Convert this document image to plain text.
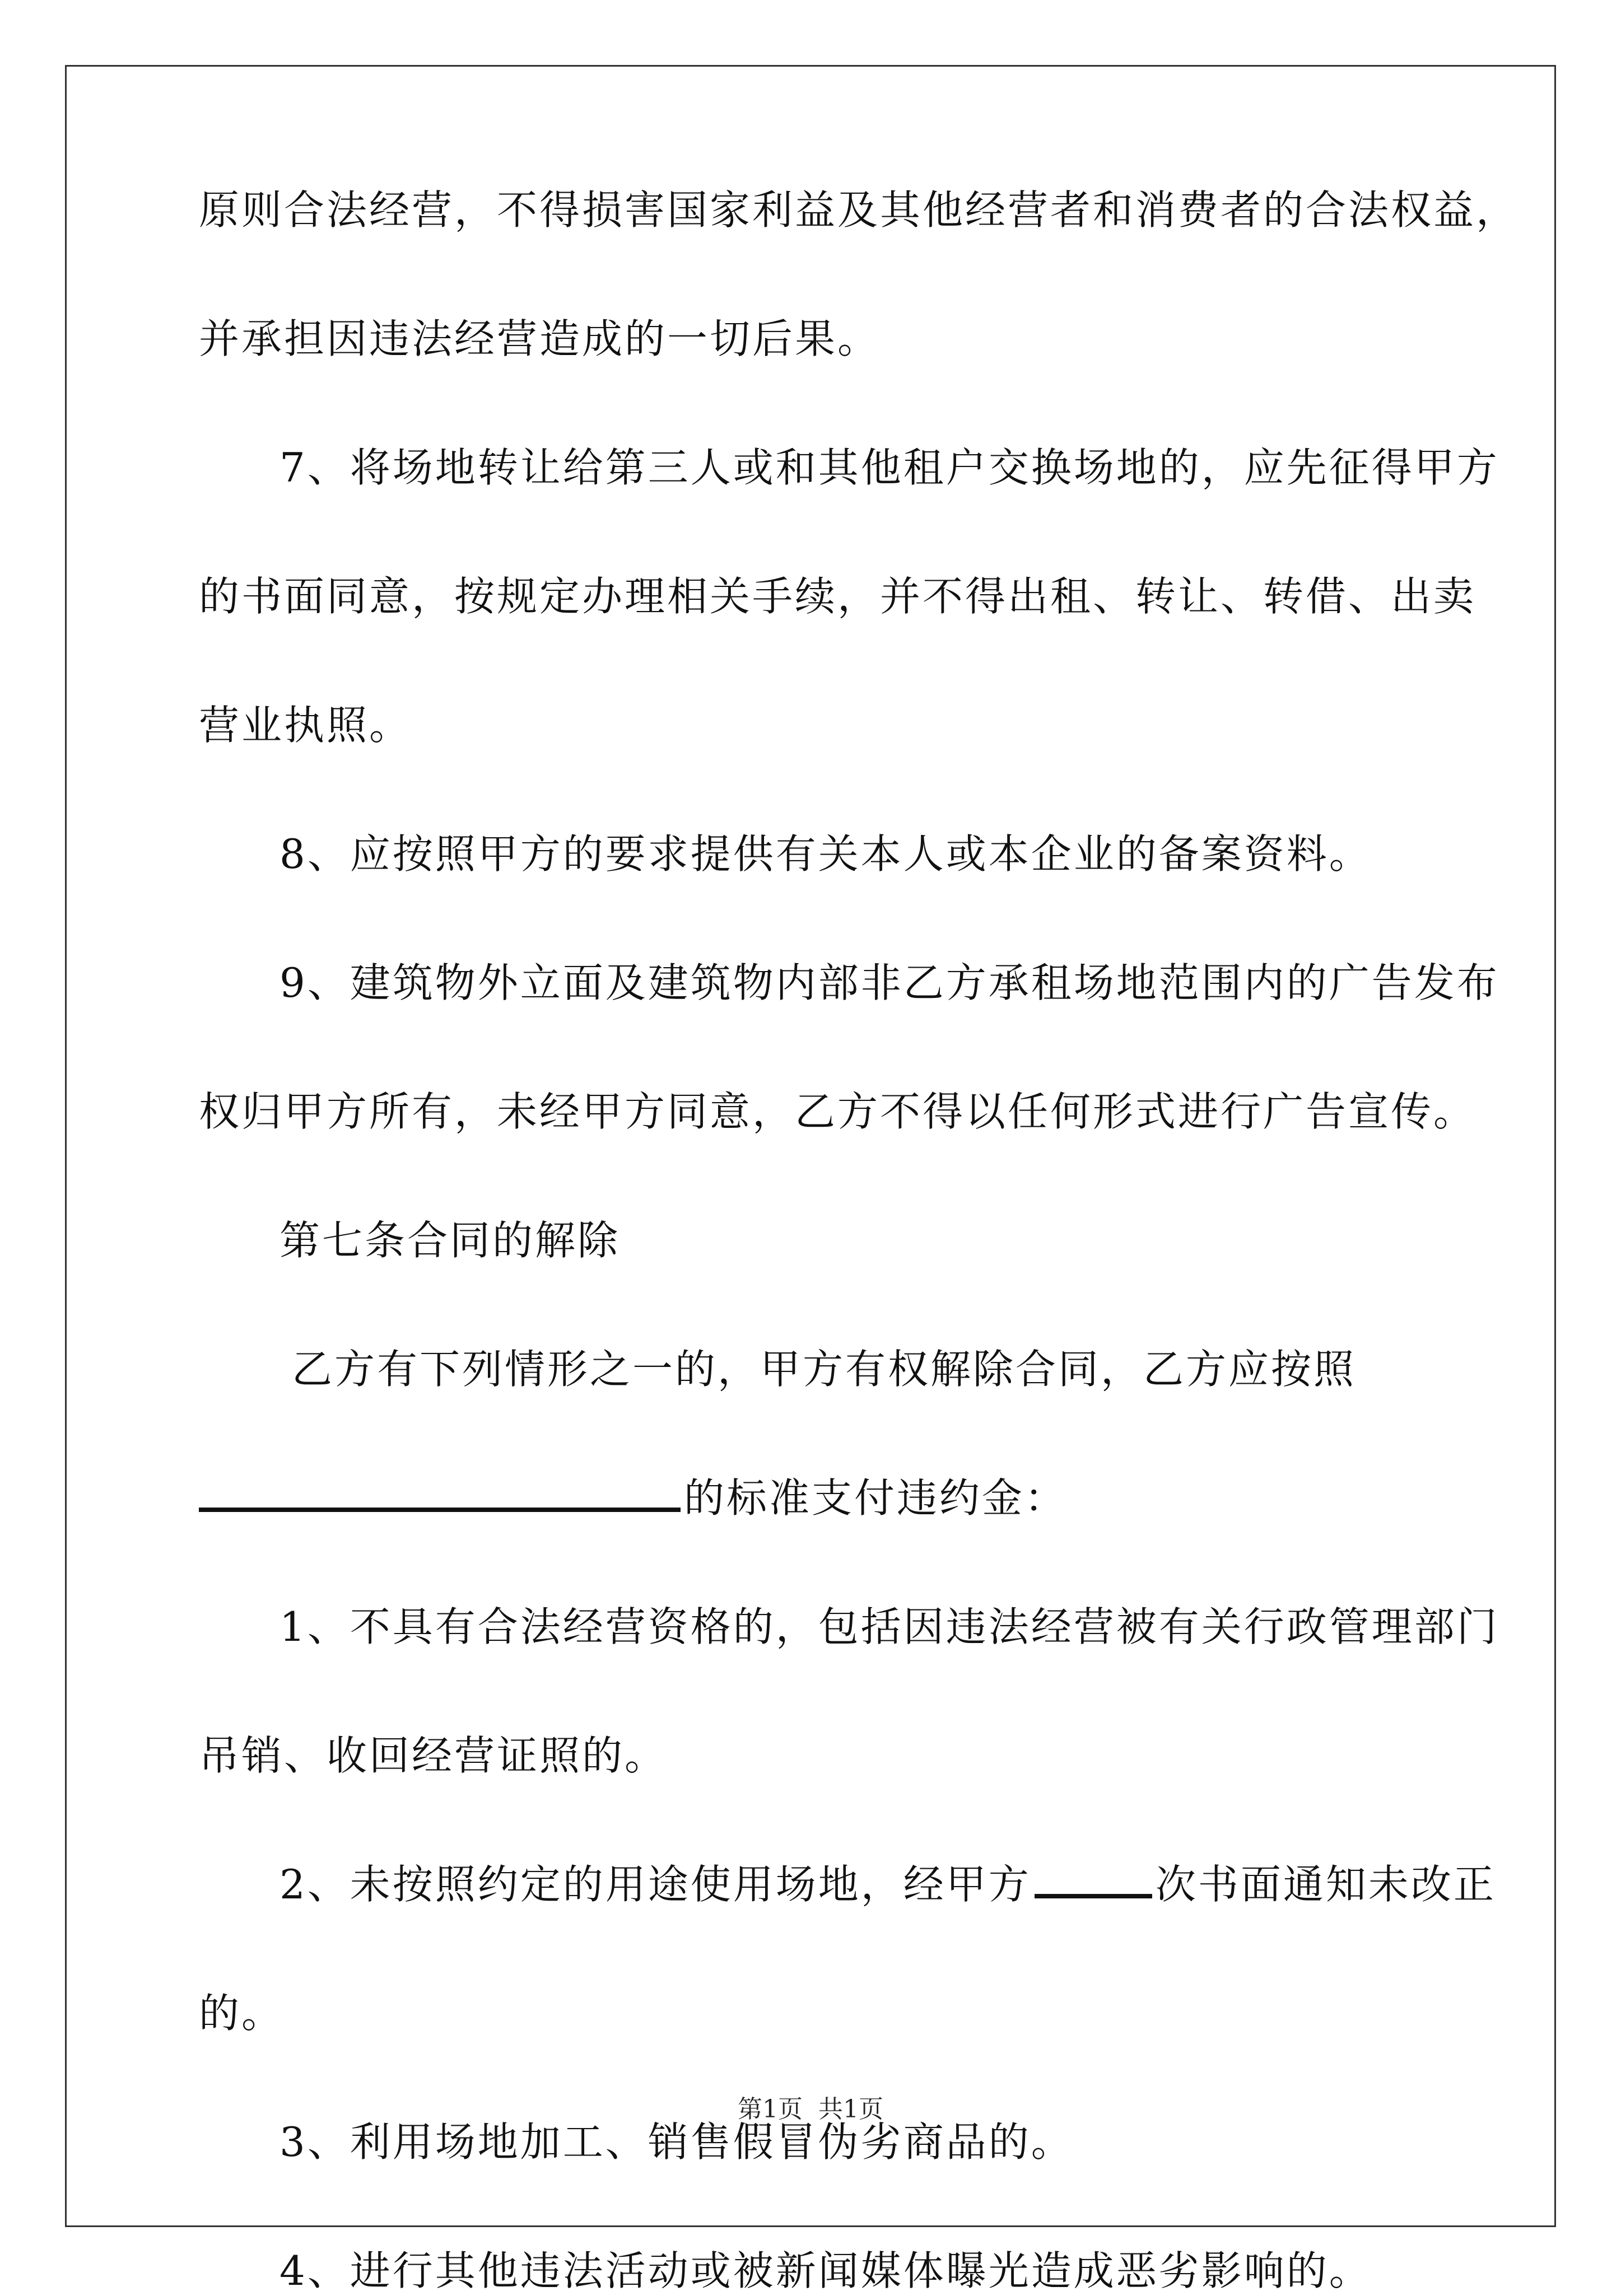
原则合法经营，不得损害国家利益及其他经营者和消费者的合法权益，
并承担因违法经营造成的一切后果。
7、将场地转让给第三人或和其他租户交换场地的，应先征得甲方
的书面同意，按规定办理相关手续，并不得出租、转让、转借、出卖
营业执照。
8、应按照甲方的要求提供有关本人或本企业的备案资料。
9、建筑物外立面及建筑物内部非乙方承租场地范围内的广告发布
权归甲方所有，未经甲方同意，乙方不得以任何形式进行广告宣传。
第七条合同的解除
乙方有下列情形之一的，甲方有权解除合同，乙方应按照
的标准支付违约金：
1、不具有合法经营资格的，包括因违法经营被有关行政管理部门
吊销、收回经营证照的。
2、未按照约定的用途使用场地，经甲方	次书面通知未改正
的。
3、利用场地加工、销售假冒伪劣商品的。
4、进行其他违法活动或被新闻媒体曝光造成恶劣影响的。
第1页 共1页
